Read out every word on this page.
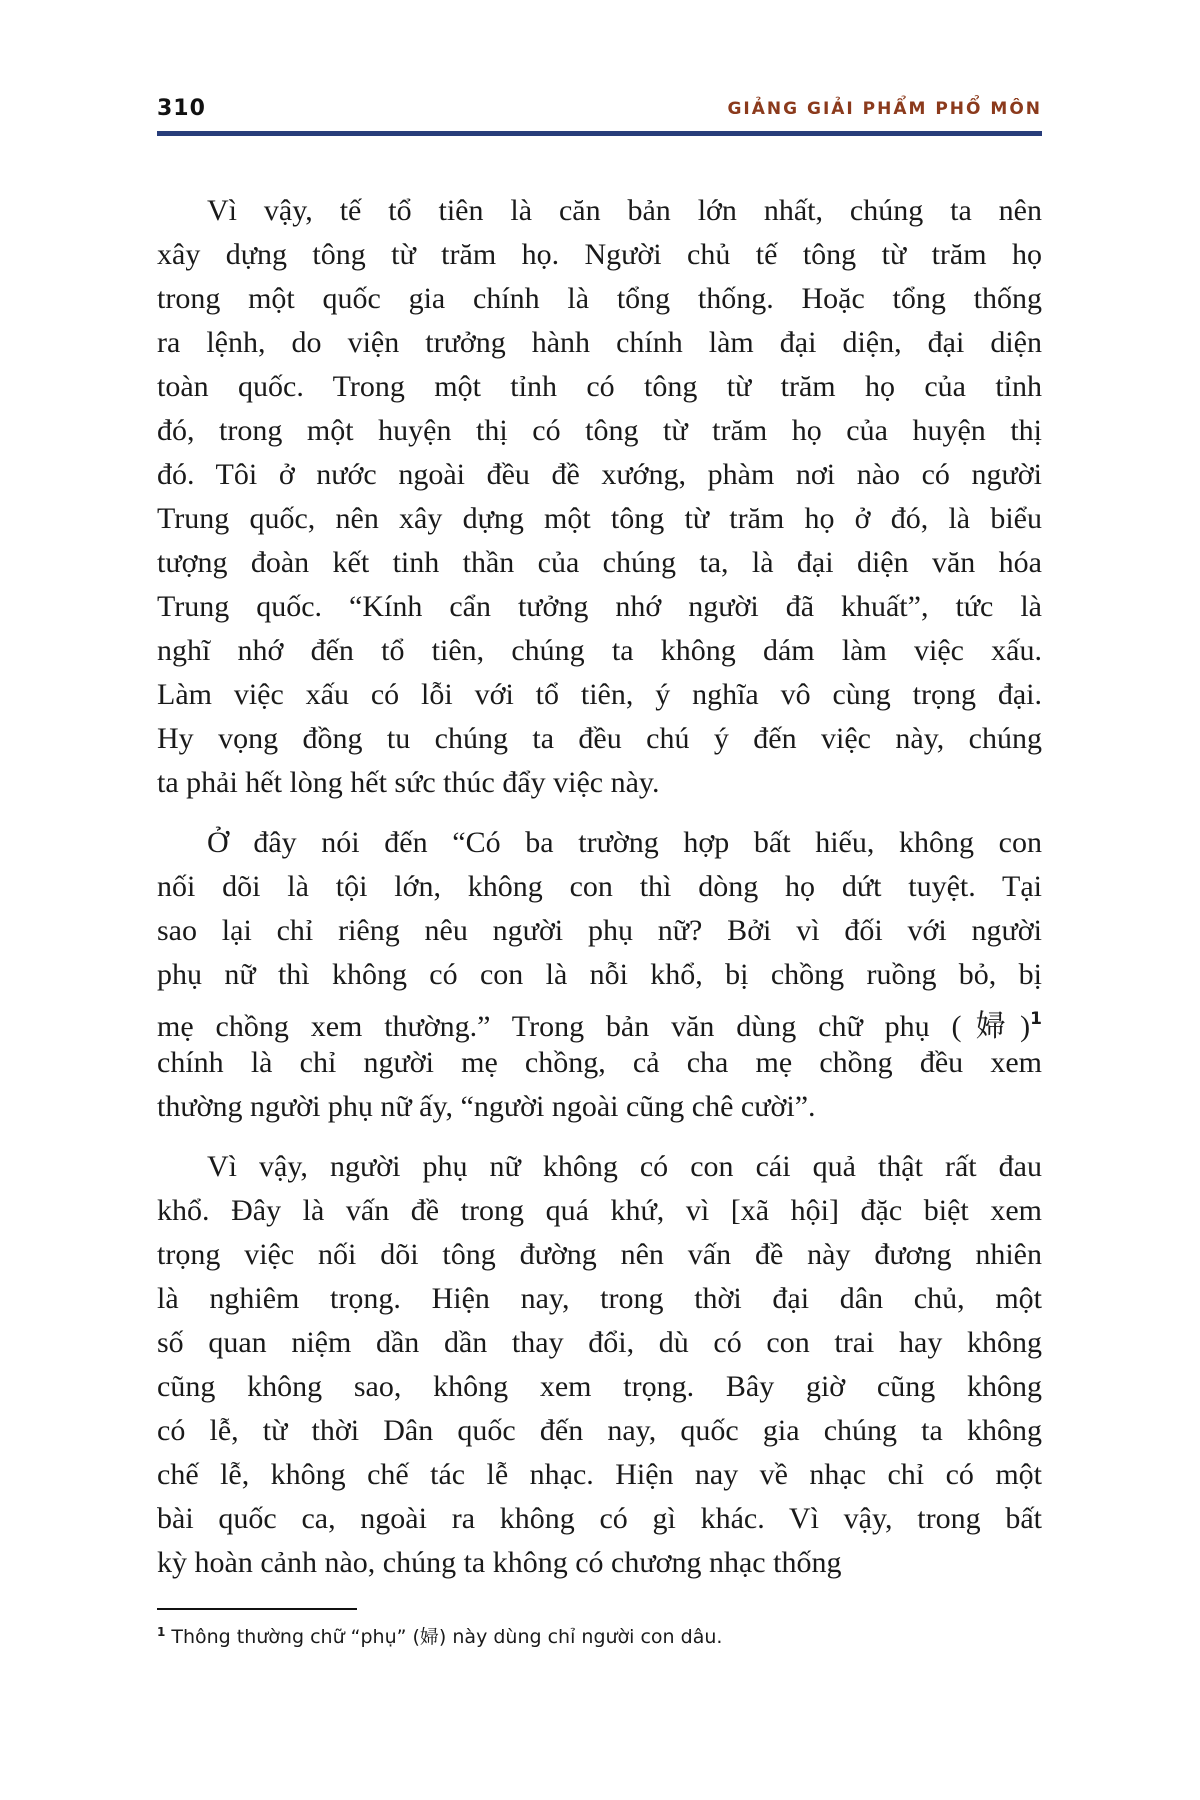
310	GIẢNG GIẢI PHẨM PHỔ MÔN
Vì vậy, tế tổ tiên là căn bản lớn nhất, chúng ta nên
xây dựng tông từ trăm họ. Người chủ tế tông từ trăm họ
trong một quốc gia chính là tổng thống. Hoặc tổng thống
ra lệnh, do viện trưởng hành chính làm đại diện, đại diện
toàn quốc. Trong một tỉnh có tông từ trăm họ của tỉnh
đó, trong một huyện thị có tông từ trăm họ của huyện thị
đó. Tôi ở nước ngoài đều đề xướng, phàm nơi nào có người
Trung quốc, nên xây dựng một tông từ trăm họ ở đó, là biểu
tượng đoàn kết tinh thần của chúng ta, là đại diện văn hóa
Trung quốc. “Kính cẩn tưởng nhớ người đã khuất”, tức là
nghĩ nhớ đến tổ tiên, chúng ta không dám làm việc xấu.
Làm việc xấu có lỗi với tổ tiên, ý nghĩa vô cùng trọng đại.
Hy vọng đồng tu chúng ta đều chú ý đến việc này, chúng
ta phải hết lòng hết sức thúc đẩy việc này.
Ở đây nói đến “Có ba trường hợp bất hiếu, không con
nối dõi là tội lớn, không con thì dòng họ dứt tuyệt. Tại
sao lại chỉ riêng nêu người phụ nữ? Bởi vì đối với người
phụ nữ thì không có con là nỗi khổ, bị chồng ruồng bỏ, bị
mẹ chồng xem thường.” Trong bản văn dùng chữ phụ (婦)$^1$
chính là chỉ người mẹ chồng, cả cha mẹ chồng đều xem
thường người phụ nữ ấy, “người ngoài cũng chê cười”.
Vì vậy, người phụ nữ không có con cái quả thật rất đau
khổ. Đây là vấn đề trong quá khứ, vì [xã hội] đặc biệt xem
trọng việc nối dõi tông đường nên vấn đề này đương nhiên
là nghiêm trọng. Hiện nay, trong thời đại dân chủ, một
số quan niệm dần dần thay đổi, dù có con trai hay không
cũng không sao, không xem trọng. Bây giờ cũng không
có lễ, từ thời Dân quốc đến nay, quốc gia chúng ta không
chế lễ, không chế tác lễ nhạc. Hiện nay về nhạc chỉ có một
bài quốc ca, ngoài ra không có gì khác. Vì vậy, trong bất
kỳ hoàn cảnh nào, chúng ta không có chương nhạc thống
$^1$ Thông thường chữ “phụ” (婦) này dùng chỉ người con dâu.
